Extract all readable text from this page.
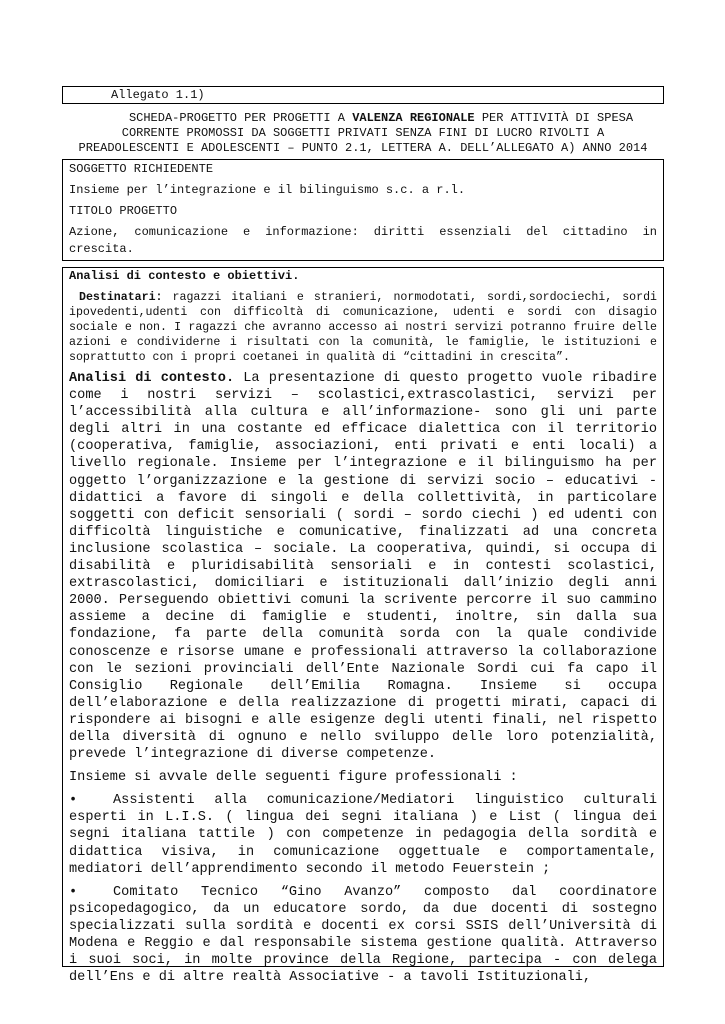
Allegato 1.1)
SCHEDA-PROGETTO PER PROGETTI A VALENZA REGIONALE PER ATTIVITÀ DI SPESA
CORRENTE PROMOSSI DA SOGGETTI PRIVATI SENZA FINI DI LUCRO RIVOLTI A
PREADOLESCENTI E ADOLESCENTI – PUNTO 2.1, LETTERA A. DELL’ALLEGATO A) ANNO 2014

SOGGETTO RICHIEDENTE

Insieme per l’integrazione e il bilinguismo s.c. a r.l.

TITOLO PROGETTO

Azione, comunicazione e informazione: diritti essenziali del cittadino in crescita.

Analisi di contesto e obiettivi.

Destinatari: ragazzi italiani e stranieri, normodotati, sordi,sordociechi, sordi ipovedenti,udenti con difficoltà di comunicazione, udenti e sordi con disagio sociale e non. I ragazzi che avranno accesso ai nostri servizi potranno fruire delle azioni e condividerne i risultati con la comunità, le famiglie, le istituzioni e soprattutto con i propri coetanei in qualità di “cittadini in crescita”.

Analisi di contesto. La presentazione di questo progetto vuole ribadire come i nostri servizi – scolastici,extrascolastici, servizi per l’accessibilità alla cultura e all’informazione- sono gli uni parte degli altri in una costante ed efficace dialettica con il territorio (cooperativa, famiglie, associazioni, enti privati e enti locali) a livello regionale. Insieme per l’integrazione e il bilinguismo ha per oggetto l’organizzazione e la gestione di servizi socio – educativi - didattici a favore di singoli e della collettività, in particolare soggetti con deficit sensoriali ( sordi – sordo ciechi ) ed udenti con difficoltà linguistiche e comunicative, finalizzati ad una concreta inclusione scolastica – sociale. La cooperativa, quindi, si occupa di disabilità e pluridisabilità sensoriali e in contesti scolastici, extrascolastici, domiciliari e istituzionali dall’inizio degli anni 2000. Perseguendo obiettivi comuni la scrivente percorre il suo cammino assieme a decine di famiglie e studenti, inoltre, sin dalla sua fondazione, fa parte della comunità sorda con la quale condivide conoscenze e risorse umane e professionali attraverso la collaborazione con le sezioni provinciali dell’Ente Nazionale Sordi cui fa capo il Consiglio Regionale dell’Emilia Romagna. Insieme si occupa dell’elaborazione e della realizzazione di progetti mirati, capaci di rispondere ai bisogni e alle esigenze degli utenti finali, nel rispetto della diversità di ognuno e nello sviluppo delle loro potenzialità, prevede l’integrazione di diverse competenze.

Insieme si avvale delle seguenti figure professionali :

•	Assistenti alla comunicazione/Mediatori linguistico culturali esperti in L.I.S. ( lingua dei segni italiana ) e List ( lingua dei segni italiana tattile ) con competenze in pedagogia della sordità e didattica visiva, in comunicazione oggettuale e comportamentale, mediatori dell’apprendimento secondo il metodo Feuerstein ;

•	Comitato Tecnico “Gino Avanzo” composto dal coordinatore psicopedagogico, da un educatore sordo, da due docenti di sostegno specializzati sulla sordità e docenti ex corsi SSIS dell’Università di Modena e Reggio e dal responsabile sistema gestione qualità. Attraverso i suoi soci, in molte province della Regione, partecipa - con delega dell’Ens e di altre realtà Associative - a tavoli Istituzionali,
